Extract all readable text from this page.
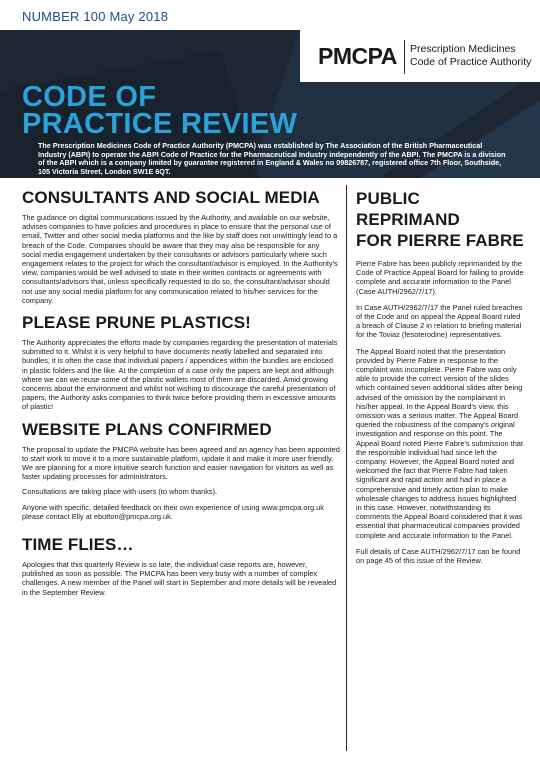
NUMBER 100 May 2018
PMCPA Prescription Medicines
Code of Practice Authority
CODE OF
PRACTICE REVIEW
The Prescription Medicines Code of Practice Authority (PMCPA) was established by The Association of the British Pharmaceutical Industry (ABPI) to operate the ABPI Code of Practice for the Pharmaceutical Industry independently of the ABPI. The PMCPA is a division of the ABPI which is a company limited by guarantee registered in England & Wales no 09826787, registered office 7th Floor, Southside, 105 Victoria Street, London SW1E 6QT.
CONSULTANTS AND SOCIAL MEDIA

The guidance on digital communications issued by the Authority, and available on our website, advises companies to have policies and procedures in place to ensure that the personal use of email, Twitter and other social media platforms and the like by staff does not unwittingly lead to a breach of the Code. Companies should be aware that they may also be responsible for any social media engagement undertaken by their consultants or advisors particularly where such engagement relates to the project for which the consultant/advisor is employed. In the Authority's view, companies would be well advised to state in their written contracts or agreements with consultants/advisors that, unless specifically requested to do so, the consultant/advisor should not use any social media platform for any communication related to his/her services for the company.

PLEASE PRUNE PLASTICS!

The Authority appreciates the efforts made by companies regarding the presentation of materials submitted to it. Whilst it is very helpful to have documents neatly labelled and separated into bundles, it is often the case that individual papers / appendices within the bundles are enclosed in plastic folders and the like. At the completion of a case only the papers are kept and although where we can we reuse some of the plastic wallets most of them are discarded. Amid growing concerns about the environment and whilst not wishing to discourage the careful presentation of papers, the Authority asks companies to think twice before providing them in excessive amounts of plastic!

WEBSITE PLANS CONFIRMED

The proposal to update the PMCPA website has been agreed and an agency has been appointed to start work to move it to a more sustainable platform, update it and make it more user friendly. We are planning for a more intuitive search function and easier navigation for visitors as well as faster updating processes for administrators.

Consultations are taking place with users (to whom thanks).

Anyone with specific, detailed feedback on their own experience of using www.pmcpa.org.uk please contact Elly at ebutton@pmcpa.org.uk.

TIME FLIES…

Apologies that this quarterly Review is so late, the individual case reports are, however, published as soon as possible. The PMCPA has been very busy with a number of complex challenges. A new member of the Panel will start in September and more details will be revealed in the September Review.

PUBLIC REPRIMAND
FOR PIERRE FABRE

Pierre Fabre has been publicly reprimanded by the Code of Practice Appeal Board for failing to provide complete and accurate information to the Panel (Case AUTH/2962/7/17).

In Case AUTH/2962/7/17 the Panel ruled breaches of the Code and on appeal the Appeal Board ruled a breach of Clause 2 in relation to briefing material for the Toviaz (fesoterodine) representatives.

The Appeal Board noted that the presentation provided by Pierre Fabre in response to the complaint was incomplete. Pierre Fabre was only able to provide the correct version of the slides which contained seven additional slides after being advised of the omission by the complainant in his/her appeal. In the Appeal Board's view, this omission was a serious matter. The Appeal Board queried the robustness of the company's original investigation and response on this point. The Appeal Board noted Pierre Fabre's submission that the responsible individual had since left the company. However, the Appeal Board noted and welcomed the fact that Pierre Fabre had taken significant and rapid action and had in place a comprehensive and timely action plan to make wholesale changes to address issues highlighted in this case. However, notwithstanding its comments the Appeal Board considered that it was essential that pharmaceutical companies provided complete and accurate information to the Panel.

Full details of Case AUTH/2962/7/17 can be found on page 45 of this issue of the Review.
